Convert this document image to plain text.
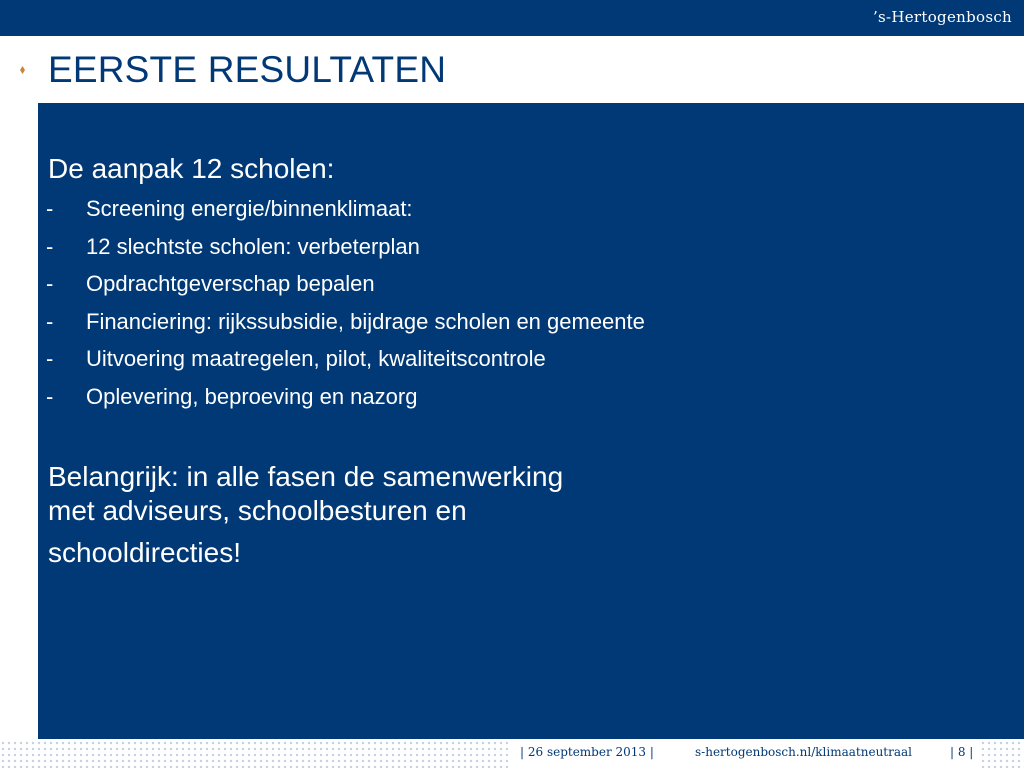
’s-Hertogenbosch
EERSTE RESULTATEN
De aanpak 12 scholen:
- Screening energie/binnenklimaat:
- 12 slechtste scholen: verbeterplan
- Opdrachtgeverschap bepalen
- Financiering: rijkssubsidie, bijdrage scholen en gemeente
- Uitvoering maatregelen, pilot, kwaliteitscontrole
- Oplevering, beproeving en nazorg
Belangrijk: in alle fasen de samenwerking
met adviseurs, schoolbesturen en
schooldirecties!
| 26 september 2013 |	s-hertogenbosch.nl/klimaatneutraal	| 8 |
